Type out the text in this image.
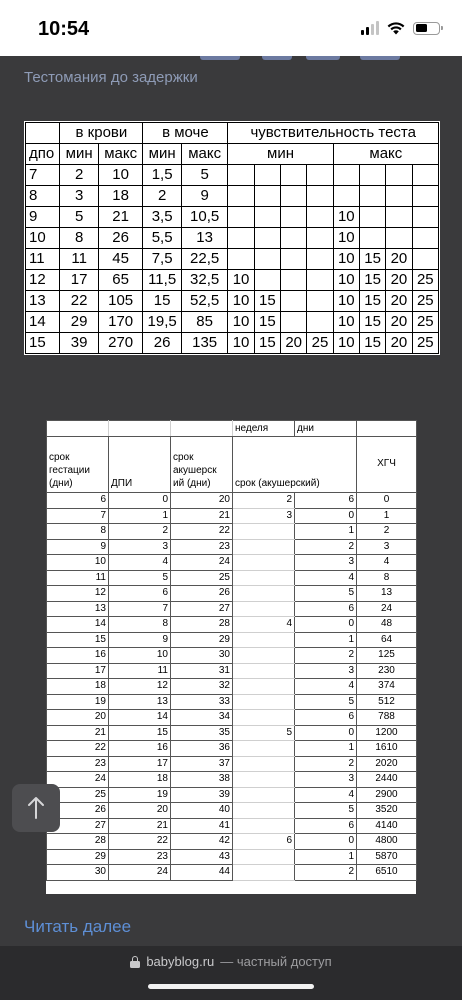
10:54
Тестомания до задержки
	в крови		в моче		чувствительность теста							
дпо	мин	макс	мин	макс	мин				макс			
7	2	10	1,5	5								
8	3	18	2	9								
9	5	21	3,5	10,5					10			
10	8	26	5,5	13					10			
11	11	45	7,5	22,5					10	15	20	
12	17	65	11,5	32,5	10				10	15	20	25
13	22	105	15	52,5	10	15			10	15	20	25
14	29	170	19,5	85	10	15			10	15	20	25
15	39	270	26	135	10	15	20	25	10	15	20	25
			неделя	дни	
срок гестации (дни)	ДПИ	срок акушерск ий (дни)	срок (акушерский)		ХГЧ
6	0	20	2	6	0
7	1	21	3	0	1
8	2	22		1	2
9	3	23		2	3
10	4	24		3	4
11	5	25		4	8
12	6	26		5	13
13	7	27		6	24
14	8	28	4	0	48
15	9	29		1	64
16	10	30		2	125
17	11	31		3	230
18	12	32		4	374
19	13	33		5	512
20	14	34		6	788
21	15	35	5	0	1200
22	16	36		1	1610
23	17	37		2	2020
24	18	38		3	2440
25	19	39		4	2900
26	20	40		5	3520
27	21	41		6	4140
28	22	42	6	0	4800
29	23	43		1	5870
30	24	44		2	6510
Читать далее
babyblog.ru — частный доступ
